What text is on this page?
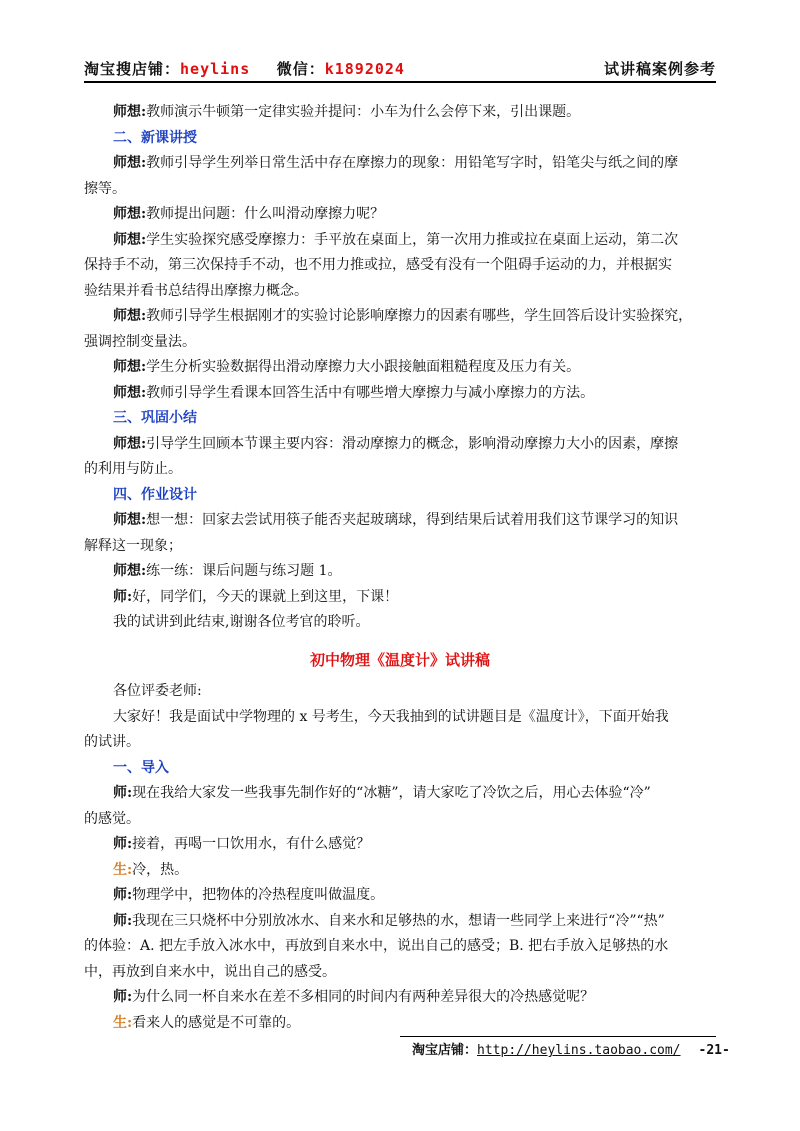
淘宝搜店铺：heylins 微信：k1892024	试讲稿案例参考
师想:教师演示牛顿第一定律实验并提问：小车为什么会停下来，引出课题。
二、新课讲授
师想:教师引导学生列举日常生活中存在摩擦力的现象：用铅笔写字时，铅笔尖与纸之间的摩
擦等。
师想:教师提出问题：什么叫滑动摩擦力呢？
师想:学生实验探究感受摩擦力：手平放在桌面上，第一次用力推或拉在桌面上运动，第二次
保持手不动，第三次保持手不动，也不用力推或拉，感受有没有一个阻碍手运动的力，并根据实
验结果并看书总结得出摩擦力概念。
师想:教师引导学生根据刚才的实验讨论影响摩擦力的因素有哪些，学生回答后设计实验探究，
强调控制变量法。
师想:学生分析实验数据得出滑动摩擦力大小跟接触面粗糙程度及压力有关。
师想:教师引导学生看课本回答生活中有哪些增大摩擦力与减小摩擦力的方法。
三、巩固小结
师想:引导学生回顾本节课主要内容：滑动摩擦力的概念，影响滑动摩擦力大小的因素，摩擦
的利用与防止。
四、作业设计
师想:想一想：回家去尝试用筷子能否夹起玻璃球，得到结果后试着用我们这节课学习的知识
解释这一现象；
师想:练一练：课后问题与练习题 1。
师:好，同学们，今天的课就上到这里，下课！
我的试讲到此结束,谢谢各位考官的聆听。
初中物理《温度计》试讲稿
各位评委老师:
大家好！我是面试中学物理的 x 号考生，今天我抽到的试讲题目是《温度计》，下面开始我
的试讲。
一、导入
师:现在我给大家发一些我事先制作好的“冰糖”，请大家吃了冷饮之后，用心去体验“冷”
的感觉。
师:接着，再喝一口饮用水，有什么感觉？
生:冷，热。
师:物理学中，把物体的冷热程度叫做温度。
师:我现在三只烧杯中分别放冰水、自来水和足够热的水，想请一些同学上来进行“冷”“热”
的体验：A. 把左手放入冰水中，再放到自来水中，说出自己的感受；B. 把右手放入足够热的水
中，再放到自来水中，说出自己的感受。
师:为什么同一杯自来水在差不多相同的时间内有两种差异很大的冷热感觉呢？
生:看来人的感觉是不可靠的。
淘宝店铺：http://heylins.taobao.com/ -21-
